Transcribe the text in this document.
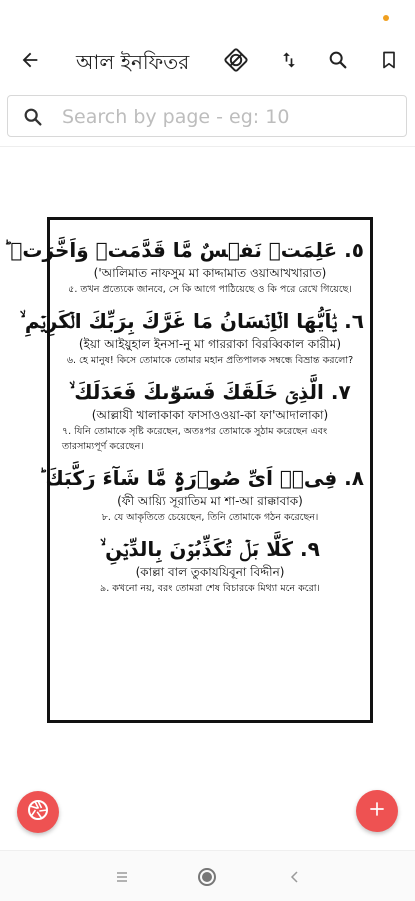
আল ইনফিতর
Search by page - eg: 10
٥. عَلِمَتۡ نَفۡسٌ مَّا قَدَّمَتۡ وَاَخَّرَتۡ ؕ
('আলিমাত নাফসুম মা কাদ্দামাত ওয়াআখখারাত)
৫. তখন প্রত্যেকে জানবে, সে কি আগে পাঠিয়েছে ও কি পরে রেখে গিয়েছে।
٦. یٰۤاَیُّهَا الۡاِنۡسَانُ مَا غَرَّكَ بِرَبِّكَ الۡكَرِیۡمِ ۙ
(ইয়া আইয়ুহাল ইনসা-নু মা গাররাকা বিরব্বিকাল কারীম)
৬. হে মানুষ! কিসে তোমাকে তোমার মহান প্রতিপালক সম্বন্ধে বিভ্রান্ত করলো?
٧. الَّذِیۡ خَلَقَكَ فَسَوّٰىكَ فَعَدَلَكَ ۙ
(আল্লাযী খালাকাকা ফাসাওওয়া-কা ফা'আদালাকা)
৭. যিনি তোমাকে সৃষ্টি করেছেন, অতঃপর তোমাকে সুঠাম করেছেন এবং তারসাম্যপূর্ণ করেছেন।
٨. فِیۡۤ اَیِّ صُوۡرَۃٍ مَّا شَآءَ رَكَّبَكَ ؕ
(ফী আয়্যি সূরাতিম মা শা-আ রাক্কাবাক)
৮. যে আকৃতিতে চেয়েছেন, তিনি তোমাকে গঠন করেছেন।
٩. كَلَّا بَلۡ تُكَذِّبُوۡنَ بِالدِّیۡنِ ۙ
(কাল্লা বাল তুকাযযিবূনা বিদ্দীন)
৯. কখনো নয়, বরং তোমরা শেষ বিচারকে মিথ্যা মনে করো।
